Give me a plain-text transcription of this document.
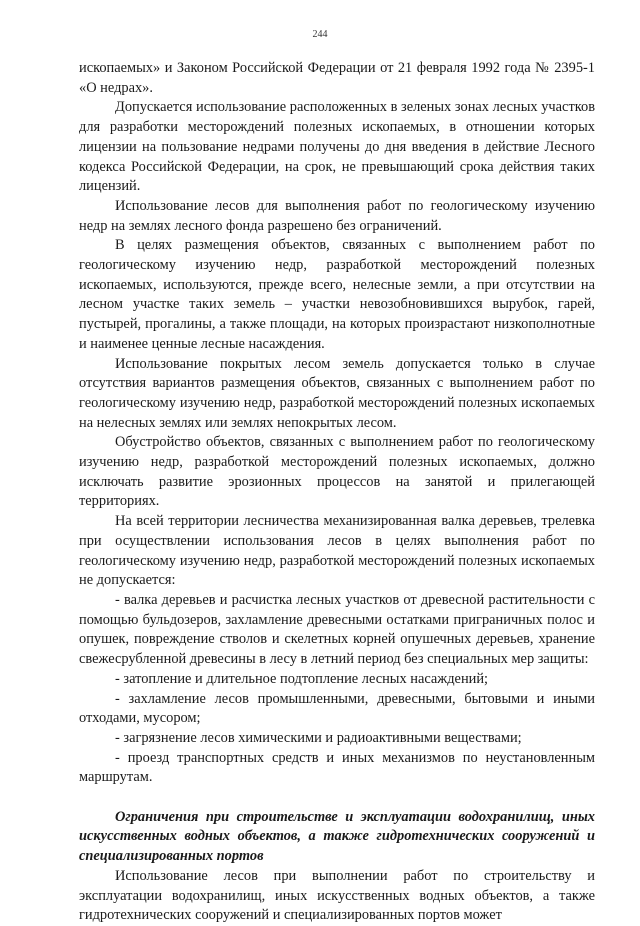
244

ископаемых» и Законом Российской Федерации от 21 февраля 1992 года № 2395-1 «О недрах».

Допускается использование расположенных в зеленых зонах лесных участков для разработки месторождений полезных ископаемых, в отношении которых лицензии на пользование недрами получены до дня введения в действие Лесного кодекса Российской Федерации, на срок, не превышающий срока действия таких лицензий.

Использование лесов для выполнения работ по геологическому изучению недр на землях лесного фонда разрешено без ограничений.

В целях размещения объектов, связанных с выполнением работ по геологическому изучению недр, разработкой месторождений полезных ископаемых, используются, прежде всего, нелесные земли, а при отсутствии на лесном участке таких земель – участки невозобновившихся вырубок, гарей, пустырей, прогалины, а также площади, на которых произрастают низкополнотные и наименее ценные лесные насаждения.

Использование покрытых лесом земель допускается только в случае отсутствия вариантов размещения объектов, связанных с выполнением работ по геологическому изучению недр, разработкой месторождений полезных ископаемых на нелесных землях или землях непокрытых лесом.

Обустройство объектов, связанных с выполнением работ по геологическому изучению недр, разработкой месторождений полезных ископаемых, должно исключать развитие эрозионных процессов на занятой и прилегающей территориях.

На всей территории лесничества механизированная валка деревьев, трелевка при осуществлении использования лесов в целях выполнения работ по геологическому изучению недр, разработкой месторождений полезных ископаемых не допускается:

- валка деревьев и расчистка лесных участков от древесной растительности с помощью бульдозеров, захламление древесными остатками приграничных полос и опушек, повреждение стволов и скелетных корней опушечных деревьев, хранение свежесрубленной древесины в лесу в летний период без специальных мер защиты:

- затопление и длительное подтопление лесных насаждений;

- захламление лесов промышленными, древесными, бытовыми и иными отходами, мусором;

- загрязнение лесов химическими и радиоактивными веществами;

- проезд транспортных средств и иных механизмов по неустановленным маршрутам.

Ограничения при строительстве и эксплуатации водохранилищ, иных искусственных водных объектов, а также гидротехнических сооружений и специализированных портов

Использование лесов при выполнении работ по строительству и эксплуатации водохранилищ, иных искусственных водных объектов, а также гидротехнических сооружений и специализированных портов может
